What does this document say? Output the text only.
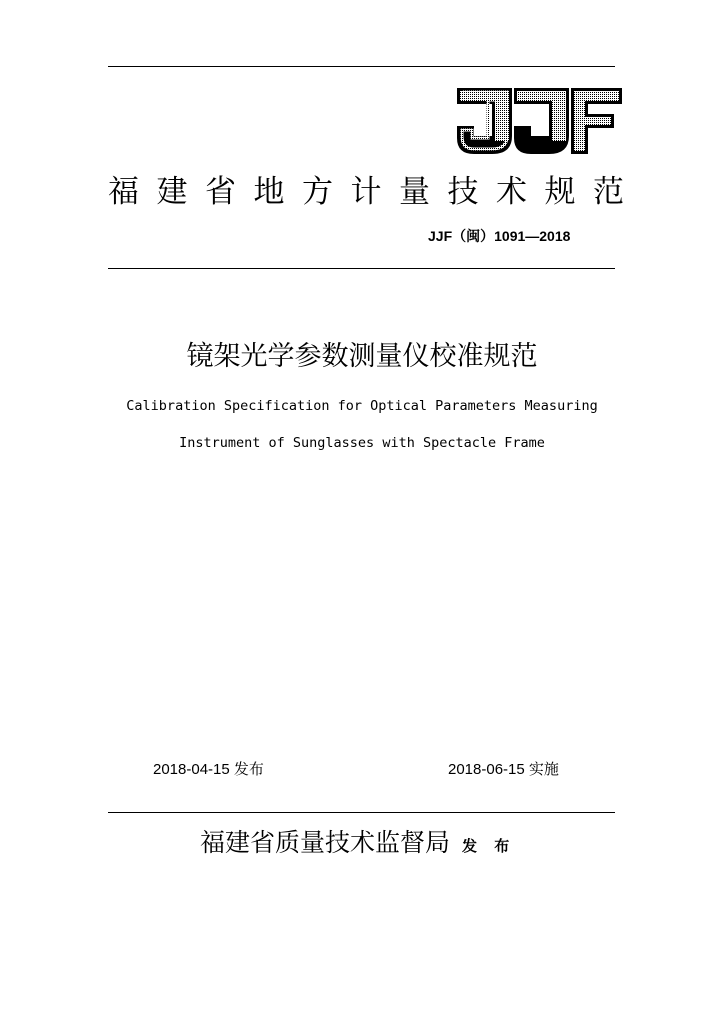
福 建 省 地 方 计 量 技 术 规 范
JJF（闽）1091—2018
镜架光学参数测量仪校准规范
Calibration Specification for Optical Parameters Measuring
Instrument of Sunglasses with Spectacle Frame
2018-04-15 发布	2018-06-15 实施
福建省质量技术监督局 发 布
